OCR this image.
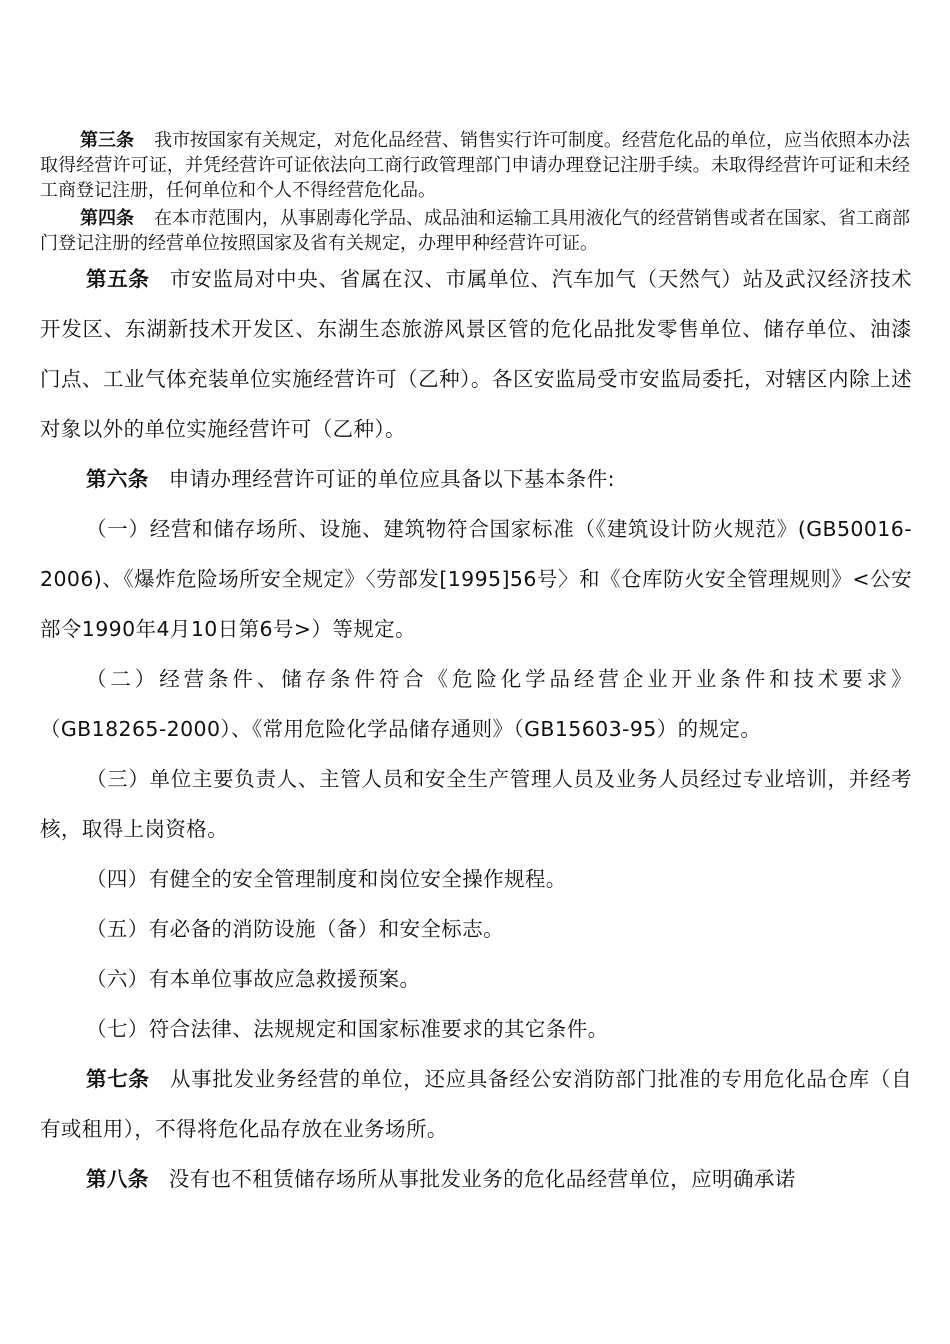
第三条 我市按国家有关规定，对危化品经营、销售实行许可制度。经营危化品的单位，应当依照本办法取得经营许可证，并凭经营许可证依法向工商行政管理部门申请办理登记注册手续。未取得经营许可证和未经工商登记注册，任何单位和个人不得经营危化品。

第四条 在本市范围内，从事剧毒化学品、成品油和运输工具用液化气的经营销售或者在国家、省工商部门登记注册的经营单位按照国家及省有关规定，办理甲种经营许可证。

第五条 市安监局对中央、省属在汉、市属单位、汽车加气（天然气）站及武汉经济技术开发区、东湖新技术开发区、东湖生态旅游风景区管的危化品批发零售单位、储存单位、油漆门点、工业气体充装单位实施经营许可（乙种）。各区安监局受市安监局委托，对辖区内除上述对象以外的单位实施经营许可（乙种）。

第六条 申请办理经营许可证的单位应具备以下基本条件:

（一）经营和储存场所、设施、建筑物符合国家标准（《建筑设计防火规范》(GB50016-2006)、《爆炸危险场所安全规定》〈劳部发[1995]56号〉和《仓库防火安全管理规则》<公安部令1990年4月10日第6号>）等规定。

（二）经营条件、储存条件符合《危险化学品经营企业开业条件和技术要求》（GB18265-2000）、《常用危险化学品储存通则》（GB15603-95）的规定。

（三）单位主要负责人、主管人员和安全生产管理人员及业务人员经过专业培训，并经考核，取得上岗资格。

（四）有健全的安全管理制度和岗位安全操作规程。

（五）有必备的消防设施（备）和安全标志。

（六）有本单位事故应急救援预案。

（七）符合法律、法规规定和国家标准要求的其它条件。

第七条 从事批发业务经营的单位，还应具备经公安消防部门批准的专用危化品仓库（自有或租用），不得将危化品存放在业务场所。

第八条 没有也不租赁储存场所从事批发业务的危化品经营单位，应明确承诺
